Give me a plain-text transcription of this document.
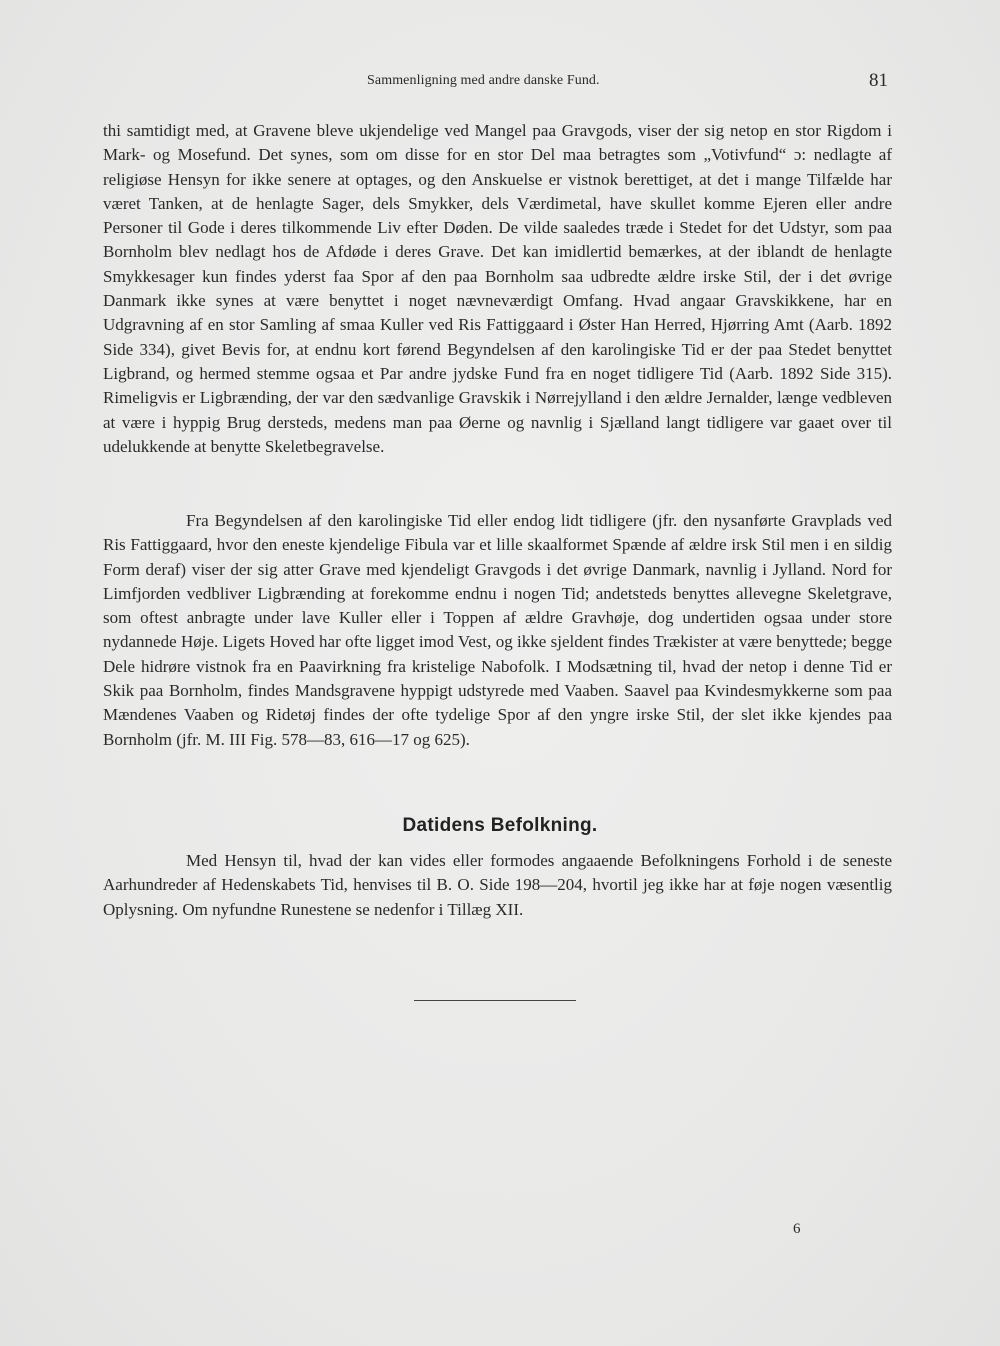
Sammenligning med andre danske Fund.	81

thi samtidigt med, at Gravene bleve ukjendelige ved Mangel paa Gravgods, viser der sig netop en stor Rigdom i Mark- og Mosefund. Det synes, som om disse for en stor Del maa betragtes som „Votivfund“ ɔ: nedlagte af religiøse Hensyn for ikke senere at optages, og den Anskuelse er vistnok berettiget, at det i mange Tilfælde har været Tanken, at de henlagte Sager, dels Smykker, dels Værdimetal, have skullet komme Ejeren eller andre Personer til Gode i deres tilkommende Liv efter Døden. De vilde saaledes træde i Stedet for det Udstyr, som paa Bornholm blev nedlagt hos de Afdøde i deres Grave. Det kan imidlertid bemærkes, at der iblandt de henlagte Smykkesager kun findes yderst faa Spor af den paa Bornholm saa udbredte ældre irske Stil, der i det øvrige Danmark ikke synes at være benyttet i noget nævneværdigt Omfang. Hvad angaar Gravskikkene, har en Udgravning af en stor Samling af smaa Kuller ved Ris Fattiggaard i Øster Han Herred, Hjørring Amt (Aarb. 1892 Side 334), givet Bevis for, at endnu kort førend Begyndelsen af den karolingiske Tid er der paa Stedet benyttet Ligbrand, og hermed stemme ogsaa et Par andre jydske Fund fra en noget tidligere Tid (Aarb. 1892 Side 315). Rimeligvis er Ligbrænding, der var den sædvanlige Gravskik i Nørrejylland i den ældre Jernalder, længe vedbleven at være i hyppig Brug dersteds, medens man paa Øerne og navnlig i Sjælland langt tidligere var gaaet over til udelukkende at benytte Skeletbegravelse.

Fra Begyndelsen af den karolingiske Tid eller endog lidt tidligere (jfr. den nysanførte Gravplads ved Ris Fattiggaard, hvor den eneste kjendelige Fibula var et lille skaalformet Spænde af ældre irsk Stil men i en sildig Form deraf) viser der sig atter Grave med kjendeligt Gravgods i det øvrige Danmark, navnlig i Jylland. Nord for Limfjorden vedbliver Ligbrænding at forekomme endnu i nogen Tid; andetsteds benyttes allevegne Skeletgrave, som oftest anbragte under lave Kuller eller i Toppen af ældre Gravhøje, dog undertiden ogsaa under store nydannede Høje. Ligets Hoved har ofte ligget imod Vest, og ikke sjeldent findes Trækister at være benyttede; begge Dele hidrøre vistnok fra en Paavirkning fra kristelige Nabofolk. I Modsætning til, hvad der netop i denne Tid er Skik paa Bornholm, findes Mandsgravene hyppigt udstyrede med Vaaben. Saavel paa Kvindesmykkerne som paa Mændenes Vaaben og Ridetøj findes der ofte tydelige Spor af den yngre irske Stil, der slet ikke kjendes paa Bornholm (jfr. M. III Fig. 578—83, 616—17 og 625).

Datidens Befolkning.

Med Hensyn til, hvad der kan vides eller formodes angaaende Befolkningens Forhold i de seneste Aarhundreder af Hedenskabets Tid, henvises til B. O. Side 198—204, hvortil jeg ikke har at føje nogen væsentlig Oplysning. Om nyfundne Runestene se nedenfor i Tillæg XII.

6
